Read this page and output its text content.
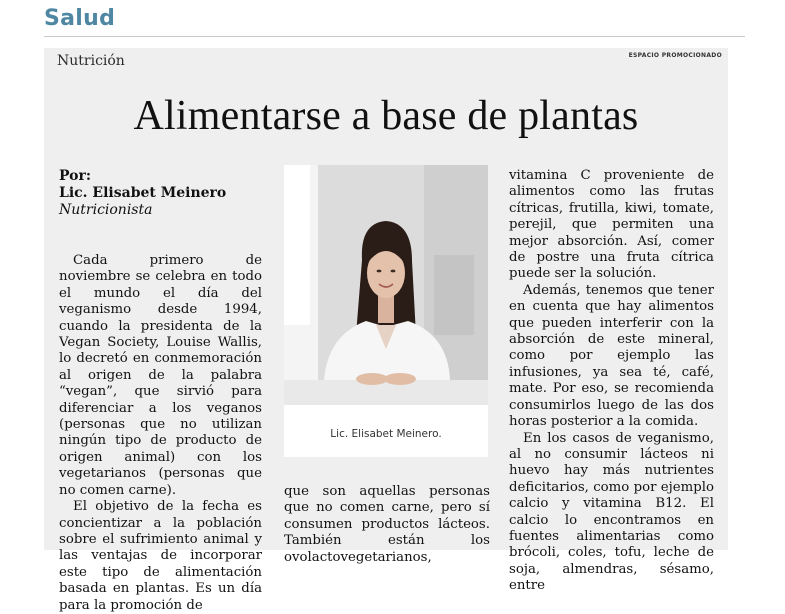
Salud
Nutrición	ESPACIO PROMOCIONADO
Alimentarse a base de plantas
Por:
Lic. Elisabet Meinero
Nutricionista

Cada primero de noviembre se celebra en todo el mundo el día del veganismo desde 1994, cuando la presidenta de la Vegan Society, Louise Wallis, lo decretó en conmemoración al origen de la palabra “vegan”, que sirvió para diferenciar a los veganos (personas que no utilizan ningún tipo de producto de origen animal) con los vegetarianos (personas que no comen carne).

El objetivo de la fecha es concientizar a la población sobre el sufrimiento animal y las ventajas de incorporar este tipo de alimentación basada en plantas. Es un día para la promoción de

Lic. Elisabet Meinero.

que son aquellas personas que no comen carne, pero sí consumen productos lácteos. También están los ovolactovegetarianos,

vitamina C proveniente de alimentos como las frutas cítricas, frutilla, kiwi, tomate, perejil, que permiten una mejor absorción. Así, comer de postre una fruta cítrica puede ser la solución.

Además, tenemos que tener en cuenta que hay alimentos que pueden interferir con la absorción de este mineral, como por ejemplo las infusiones, ya sea té, café, mate. Por eso, se recomienda consumirlos luego de las dos horas posterior a la comida.

En los casos de veganismo, al no consumir lácteos ni huevo hay más nutrientes deficitarios, como por ejemplo calcio y vitamina B12. El calcio lo encontramos en fuentes alimentarias como brócoli, coles, tofu, leche de soja, almendras, sésamo, entre
